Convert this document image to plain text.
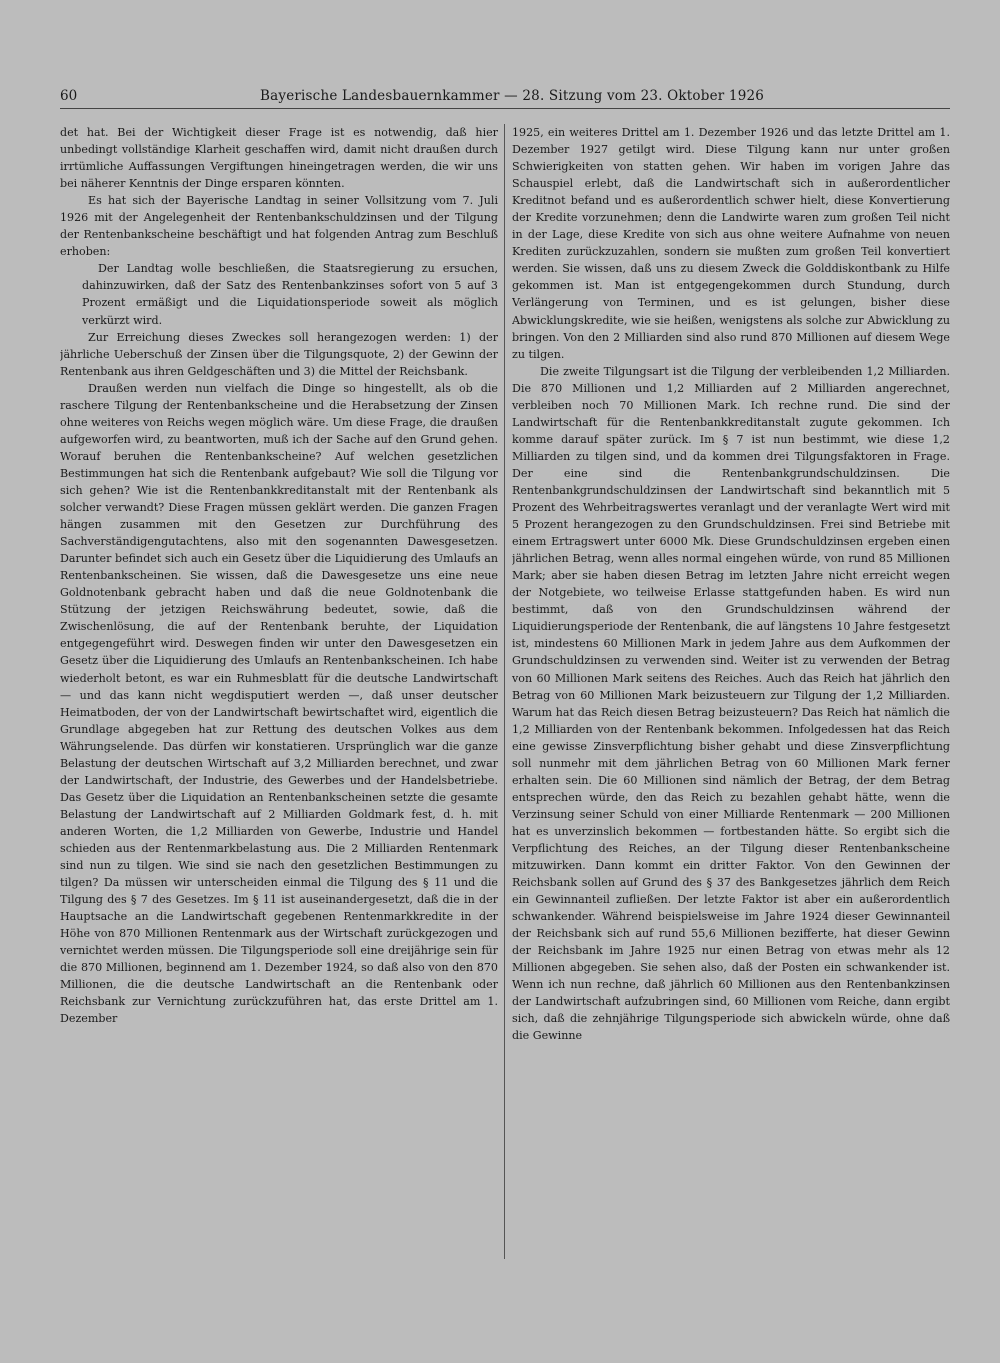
60	Bayerische Landesbauernkammer — 28. Sitzung vom 23. Oktober 1926

det hat. Bei der Wichtigkeit dieser Frage ist es notwendig, daß hier unbedingt vollständige Klarheit geschaffen wird, damit nicht draußen durch irrtümliche Auffassungen Vergiftungen hineingetragen werden, die wir uns bei näherer Kenntnis der Dinge ersparen könnten.

Es hat sich der Bayerische Landtag in seiner Vollsitzung vom 7. Juli 1926 mit der Angelegenheit der Rentenbankschuldzinsen und der Tilgung der Rentenbankscheine beschäftigt und hat folgenden Antrag zum Beschluß erhoben:

Der Landtag wolle beschließen, die Staatsregierung zu ersuchen, dahinzuwirken, daß der Satz des Rentenbankzinses sofort von 5 auf 3 Prozent ermäßigt und die Liquidationsperiode soweit als möglich verkürzt wird.

Zur Erreichung dieses Zweckes soll herangezogen werden: 1) der jährliche Ueberschuß der Zinsen über die Tilgungsquote, 2) der Gewinn der Rentenbank aus ihren Geldgeschäften und 3) die Mittel der Reichsbank.

Draußen werden nun vielfach die Dinge so hingestellt, als ob die raschere Tilgung der Rentenbankscheine und die Herabsetzung der Zinsen ohne weiteres von Reichs wegen möglich wäre. Um diese Frage, die draußen aufgeworfen wird, zu beantworten, muß ich der Sache auf den Grund gehen. Worauf beruhen die Rentenbankscheine? Auf welchen gesetzlichen Bestimmungen hat sich die Rentenbank aufgebaut? Wie soll die Tilgung vor sich gehen? Wie ist die Rentenbankkreditanstalt mit der Rentenbank als solcher verwandt? Diese Fragen müssen geklärt werden. Die ganzen Fragen hängen zusammen mit den Gesetzen zur Durchführung des Sachverständigengutachtens, also mit den sogenannten Dawesgesetzen. Darunter befindet sich auch ein Gesetz über die Liquidierung des Umlaufs an Rentenbankscheinen. Sie wissen, daß die Dawesgesetze uns eine neue Goldnotenbank gebracht haben und daß die neue Goldnotenbank die Stützung der jetzigen Reichswährung bedeutet, sowie, daß die Zwischenlösung, die auf der Rentenbank beruhte, der Liquidation entgegengeführt wird. Deswegen finden wir unter den Dawesgesetzen ein Gesetz über die Liquidierung des Umlaufs an Rentenbankscheinen. Ich habe wiederholt betont, es war ein Ruhmesblatt für die deutsche Landwirtschaft — und das kann nicht wegdisputiert werden —, daß unser deutscher Heimatboden, der von der Landwirtschaft bewirtschaftet wird, eigentlich die Grundlage abgegeben hat zur Rettung des deutschen Volkes aus dem Währungselende. Das dürfen wir konstatieren. Ursprünglich war die ganze Belastung der deutschen Wirtschaft auf 3,2 Milliarden berechnet, und zwar der Landwirtschaft, der Industrie, des Gewerbes und der Handelsbetriebe. Das Gesetz über die Liquidation an Rentenbankscheinen setzte die gesamte Belastung der Landwirtschaft auf 2 Milliarden Goldmark fest, d. h. mit anderen Worten, die 1,2 Milliarden von Gewerbe, Industrie und Handel schieden aus der Rentenmarkbelastung aus. Die 2 Milliarden Rentenmark sind nun zu tilgen. Wie sind sie nach den gesetzlichen Bestimmungen zu tilgen? Da müssen wir unterscheiden einmal die Tilgung des § 11 und die Tilgung des § 7 des Gesetzes. Im § 11 ist auseinandergesetzt, daß die in der Hauptsache an die Landwirtschaft gegebenen Rentenmarkkredite in der Höhe von 870 Millionen Rentenmark aus der Wirtschaft zurückgezogen und vernichtet werden müssen. Die Tilgungsperiode soll eine dreijährige sein für die 870 Millionen, beginnend am 1. Dezember 1924, so daß also von den 870 Millionen, die die deutsche Landwirtschaft an die Rentenbank oder Reichsbank zur Vernichtung zurückzuführen hat, das erste Drittel am 1. Dezember

1925, ein weiteres Drittel am 1. Dezember 1926 und das letzte Drittel am 1. Dezember 1927 getilgt wird. Diese Tilgung kann nur unter großen Schwierigkeiten von statten gehen. Wir haben im vorigen Jahre das Schauspiel erlebt, daß die Landwirtschaft sich in außerordentlicher Kreditnot befand und es außerordentlich schwer hielt, diese Konvertierung der Kredite vorzunehmen; denn die Landwirte waren zum großen Teil nicht in der Lage, diese Kredite von sich aus ohne weitere Aufnahme von neuen Krediten zurückzuzahlen, sondern sie mußten zum großen Teil konvertiert werden. Sie wissen, daß uns zu diesem Zweck die Golddiskontbank zu Hilfe gekommen ist. Man ist entgegengekommen durch Stundung, durch Verlängerung von Terminen, und es ist gelungen, bisher diese Abwicklungskredite, wie sie heißen, wenigstens als solche zur Abwicklung zu bringen. Von den 2 Milliarden sind also rund 870 Millionen auf diesem Wege zu tilgen.

Die zweite Tilgungsart ist die Tilgung der verbleibenden 1,2 Milliarden. Die 870 Millionen und 1,2 Milliarden auf 2 Milliarden angerechnet, verbleiben noch 70 Millionen Mark. Ich rechne rund. Die sind der Landwirtschaft für die Rentenbankkreditanstalt zugute gekommen. Ich komme darauf später zurück. Im § 7 ist nun bestimmt, wie diese 1,2 Milliarden zu tilgen sind, und da kommen drei Tilgungsfaktoren in Frage. Der eine sind die Rentenbankgrundschuldzinsen. Die Rentenbankgrundschuldzinsen der Landwirtschaft sind bekanntlich mit 5 Prozent des Wehrbeitragswertes veranlagt und der veranlagte Wert wird mit 5 Prozent herangezogen zu den Grundschuldzinsen. Frei sind Betriebe mit einem Ertragswert unter 6000 Mk. Diese Grundschuldzinsen ergeben einen jährlichen Betrag, wenn alles normal eingehen würde, von rund 85 Millionen Mark; aber sie haben diesen Betrag im letzten Jahre nicht erreicht wegen der Notgebiete, wo teilweise Erlasse stattgefunden haben. Es wird nun bestimmt, daß von den Grundschuldzinsen während der Liquidierungsperiode der Rentenbank, die auf längstens 10 Jahre festgesetzt ist, mindestens 60 Millionen Mark in jedem Jahre aus dem Aufkommen der Grundschuldzinsen zu verwenden sind. Weiter ist zu verwenden der Betrag von 60 Millionen Mark seitens des Reiches. Auch das Reich hat jährlich den Betrag von 60 Millionen Mark beizusteuern zur Tilgung der 1,2 Milliarden. Warum hat das Reich diesen Betrag beizusteuern? Das Reich hat nämlich die 1,2 Milliarden von der Rentenbank bekommen. Infolgedessen hat das Reich eine gewisse Zinsverpflichtung bisher gehabt und diese Zinsverpflichtung soll nunmehr mit dem jährlichen Betrag von 60 Millionen Mark ferner erhalten sein. Die 60 Millionen sind nämlich der Betrag, der dem Betrag entsprechen würde, den das Reich zu bezahlen gehabt hätte, wenn die Verzinsung seiner Schuld von einer Milliarde Rentenmark — 200 Millionen hat es unverzinslich bekommen — fortbestanden hätte. So ergibt sich die Verpflichtung des Reiches, an der Tilgung dieser Rentenbankscheine mitzuwirken. Dann kommt ein dritter Faktor. Von den Gewinnen der Reichsbank sollen auf Grund des § 37 des Bankgesetzes jährlich dem Reich ein Gewinnanteil zufließen. Der letzte Faktor ist aber ein außerordentlich schwankender. Während beispielsweise im Jahre 1924 dieser Gewinnanteil der Reichsbank sich auf rund 55,6 Millionen bezifferte, hat dieser Gewinn der Reichsbank im Jahre 1925 nur einen Betrag von etwas mehr als 12 Millionen abgegeben. Sie sehen also, daß der Posten ein schwankender ist. Wenn ich nun rechne, daß jährlich 60 Millionen aus den Rentenbankzinsen der Landwirtschaft aufzubringen sind, 60 Millionen vom Reiche, dann ergibt sich, daß die zehnjährige Tilgungsperiode sich abwickeln würde, ohne daß die Gewinne
